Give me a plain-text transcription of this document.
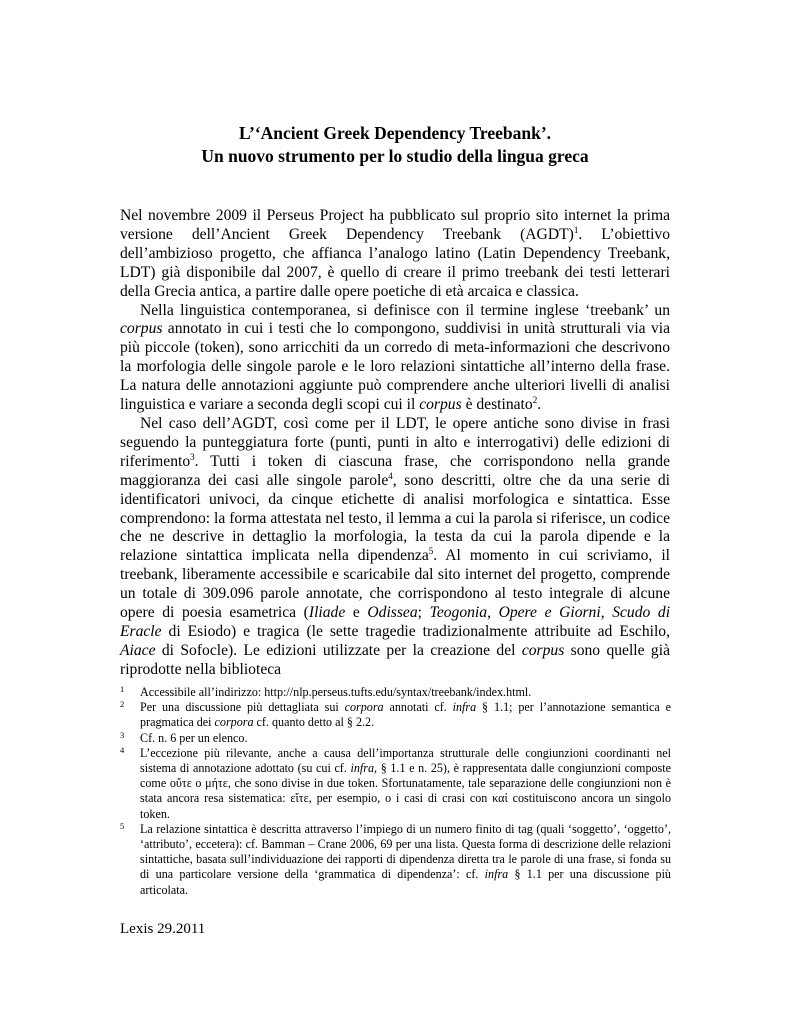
L’‘Ancient Greek Dependency Treebank’.
Un nuovo strumento per lo studio della lingua greca

Nel novembre 2009 il Perseus Project ha pubblicato sul proprio sito internet la prima versione dell’Ancient Greek Dependency Treebank (AGDT)$^1$. L’obiettivo dell’ambizioso progetto, che affianca l’analogo latino (Latin Dependency Treebank, LDT) già disponibile dal 2007, è quello di creare il primo treebank dei testi letterari della Grecia antica, a partire dalle opere poetiche di età arcaica e classica.

Nella linguistica contemporanea, si definisce con il termine inglese ‘treebank’ un corpus annotato in cui i testi che lo compongono, suddivisi in unità strutturali via via più piccole (token), sono arricchiti da un corredo di meta-informazioni che descrivono la morfologia delle singole parole e le loro relazioni sintattiche all’interno della frase. La natura delle annotazioni aggiunte può comprendere anche ulteriori livelli di analisi linguistica e variare a seconda degli scopi cui il corpus è destinato$^2$.

Nel caso dell’AGDT, così come per il LDT, le opere antiche sono divise in frasi seguendo la punteggiatura forte (punti, punti in alto e interrogativi) delle edizioni di riferimento$^3$. Tutti i token di ciascuna frase, che corrispondono nella grande maggioranza dei casi alle singole parole$^4$, sono descritti, oltre che da una serie di identificatori univoci, da cinque etichette di analisi morfologica e sintattica. Esse comprendono: la forma attestata nel testo, il lemma a cui la parola si riferisce, un codice che ne descrive in dettaglio la morfologia, la testa da cui la parola dipende e la relazione sintattica implicata nella dipendenza$^5$. Al momento in cui scriviamo, il treebank, liberamente accessibile e scaricabile dal sito internet del progetto, comprende un totale di 309.096 parole annotate, che corrispondono al testo integrale di alcune opere di poesia esametrica (Iliade e Odissea; Teogonia, Opere e Giorni, Scudo di Eracle di Esiodo) e tragica (le sette tragedie tradizionalmente attribuite ad Eschilo, Aiace di Sofocle). Le edizioni utilizzate per la creazione del corpus sono quelle già riprodotte nella biblioteca

1 Accessibile all’indirizzo: http://nlp.perseus.tufts.edu/syntax/treebank/index.html.
2 Per una discussione più dettagliata sui corpora annotati cf. infra § 1.1; per l’annotazione semantica e pragmatica dei corpora cf. quanto detto al § 2.2.
3 Cf. n. 6 per un elenco.
4 L’eccezione più rilevante, anche a causa dell’importanza strutturale delle congiunzioni coordinanti nel sistema di annotazione adottato (su cui cf. infra, § 1.1 e n. 25), è rappresentata dalle congiunzioni composte come οὔτε o μήτε, che sono divise in due token. Sfortunatamente, tale separazione delle congiunzioni non è stata ancora resa sistematica: εἴτε, per esempio, o i casi di crasi con καί costituiscono ancora un singolo token.
5 La relazione sintattica è descritta attraverso l’impiego di un numero finito di tag (quali ‘soggetto’, ‘oggetto’, ‘attributo’, eccetera): cf. Bamman – Crane 2006, 69 per una lista. Questa forma di descrizione delle relazioni sintattiche, basata sull’individuazione dei rapporti di dipendenza diretta tra le parole di una frase, si fonda su di una particolare versione della ‘grammatica di dipendenza’: cf. infra § 1.1 per una discussione più articolata.
Lexis 29.2011
